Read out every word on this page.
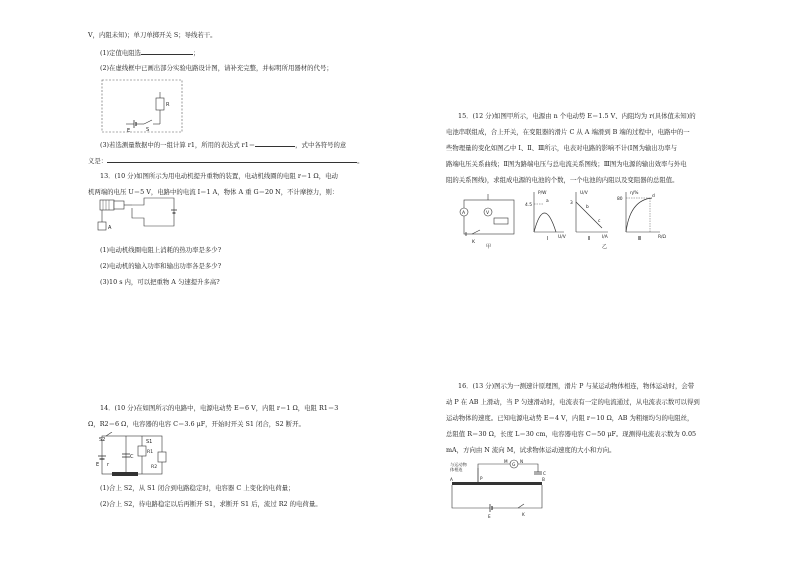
V，内阻未知)；单刀单掷开关 S；导线若干。
(1)定值电阻选	；
(2)在虚线框中已画出部分实验电路设计图，请补充完整，并标明所用器材的代号；
R
E	S
(3)若选测量数据中的一组计算 r1，所用的表达式 r1＝	，式中各符号的意
义是：	。
13．(10 分)如图所示为用电动机提升重物的装置，电动机线圈的电阻 r＝1 Ω，电动
机两端的电压 U＝5 V，电路中的电流 I＝1 A，物体 A 重 G＝20 N，不计摩擦力，则：
A
(1)电动机线圈电阻上消耗的热功率是多少?
(2)电动机的输入功率和输出功率各是多少?
(3)10 s 内，可以把重物 A 匀速提升多高?
14．(10 分)在如图所示的电路中，电源电动势 E＝6 V，内阻 r＝1 Ω，电阻 R1＝3
Ω，R2＝6 Ω，电容器的电容 C＝3.6 μF，开始时开关 S1 闭合，S2 断开。
S2	S1
C
R1
R2
E r
(1)合上 S2，从 S1 闭合到电路稳定时，电容器 C 上变化的电荷量；
(2)合上 S2，待电路稳定以后再断开 S1，求断开 S1 后，流过 R2 的电荷量。
15．(12 分)如图甲所示，电源由 n 个电动势 E＝1.5 V、内阻均为 r(具体值未知)的
电池串联组成，合上开关，在变阻器的滑片 C 从 A 端滑到 B 端的过程中，电路中的一
些物理量的变化如图乙中 Ⅰ、Ⅱ、Ⅲ所示，电表对电路的影响不计(Ⅰ图为输出功率与
路端电压关系曲线；Ⅱ图为路端电压与总电流关系图线；Ⅲ图为电源的输出效率与外电
阻的关系图线)，求组成电源的电池的个数，一个电池的内阻以及变阻器的总阻值。
A	V
K
甲
P/W
4.5
a
U/V
Ⅰ
U/V
3
b
c
I/A
Ⅱ
乙
η/%
80
d
R/Ω
Ⅲ
16．(13 分)图示为一测速计原理图，滑片 P 与某运动物体相连，物体运动时，会带
动 P 在 AB 上滑动，当 P 匀速滑动时，电流表有一定的电流通过，从电流表示数可以得到
运动物体的速度。已知电源电动势 E＝4 V，内阻 r＝10 Ω，AB 为粗细均匀的电阻丝，
总阻值 R＝30 Ω，长度 L＝30 cm，电容器电容 C＝50 μF。现测得电流表示数为 0.05
mA，方向由 N 流向 M，试求物体运动速度的大小和方向。
与运动物
体相连
G
M	N
C
A	B
P
E	K
